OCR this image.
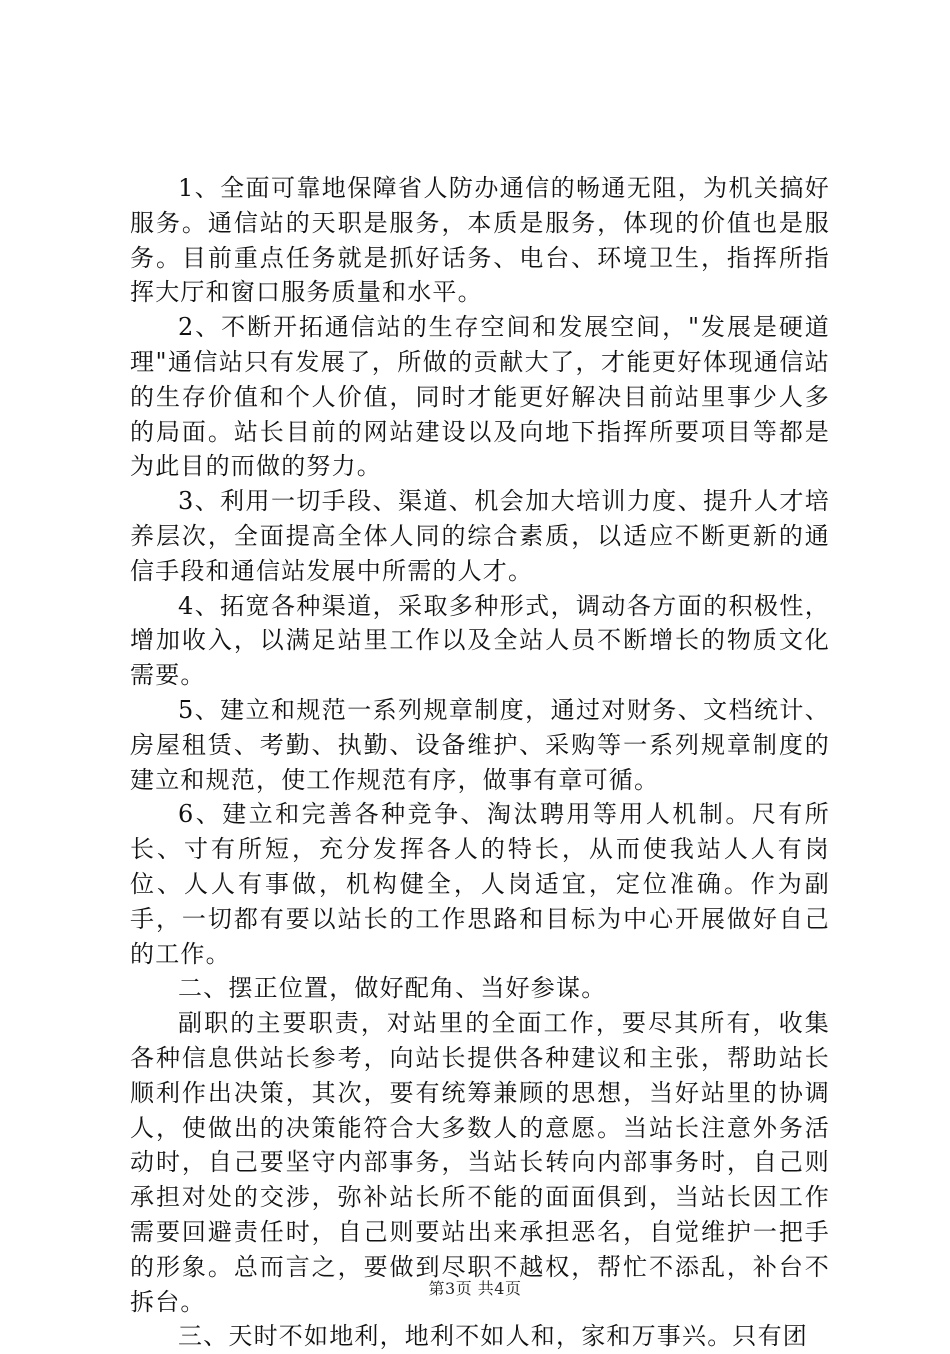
1、全面可靠地保障省人防办通信的畅通无阻，为机关搞好服务。通信站的天职是服务，本质是服务，体现的价值也是服务。目前重点任务就是抓好话务、电台、环境卫生，指挥所指挥大厅和窗口服务质量和水平。

2、不断开拓通信站的生存空间和发展空间，"发展是硬道理"通信站只有发展了，所做的贡献大了，才能更好体现通信站的生存价值和个人价值，同时才能更好解决目前站里事少人多的局面。站长目前的网站建设以及向地下指挥所要项目等都是为此目的而做的努力。

3、利用一切手段、渠道、机会加大培训力度、提升人才培养层次，全面提高全体人同的综合素质，以适应不断更新的通信手段和通信站发展中所需的人才。

4、拓宽各种渠道，采取多种形式，调动各方面的积极性，增加收入，以满足站里工作以及全站人员不断增长的物质文化需要。

5、建立和规范一系列规章制度，通过对财务、文档统计、房屋租赁、考勤、执勤、设备维护、采购等一系列规章制度的建立和规范，使工作规范有序，做事有章可循。

6、建立和完善各种竞争、淘汰聘用等用人机制。尺有所长、寸有所短，充分发挥各人的特长，从而使我站人人有岗位、人人有事做，机构健全，人岗适宜，定位准确。作为副手，一切都有要以站长的工作思路和目标为中心开展做好自己的工作。

二、摆正位置，做好配角、当好参谋。

副职的主要职责，对站里的全面工作，要尽其所有，收集各种信息供站长参考，向站长提供各种建议和主张，帮助站长顺利作出决策，其次，要有统筹兼顾的思想，当好站里的协调人，使做出的决策能符合大多数人的意愿。当站长注意外务活动时，自己要坚守内部事务，当站长转向内部事务时，自己则承担对处的交涉，弥补站长所不能的面面俱到，当站长因工作需要回避责任时，自己则要站出来承担恶名，自觉维护一把手的形象。总而言之，要做到尽职不越权，帮忙不添乱，补台不拆台。

三、天时不如地利，地利不如人和，家和万事兴。只有团

第3页 共4页
